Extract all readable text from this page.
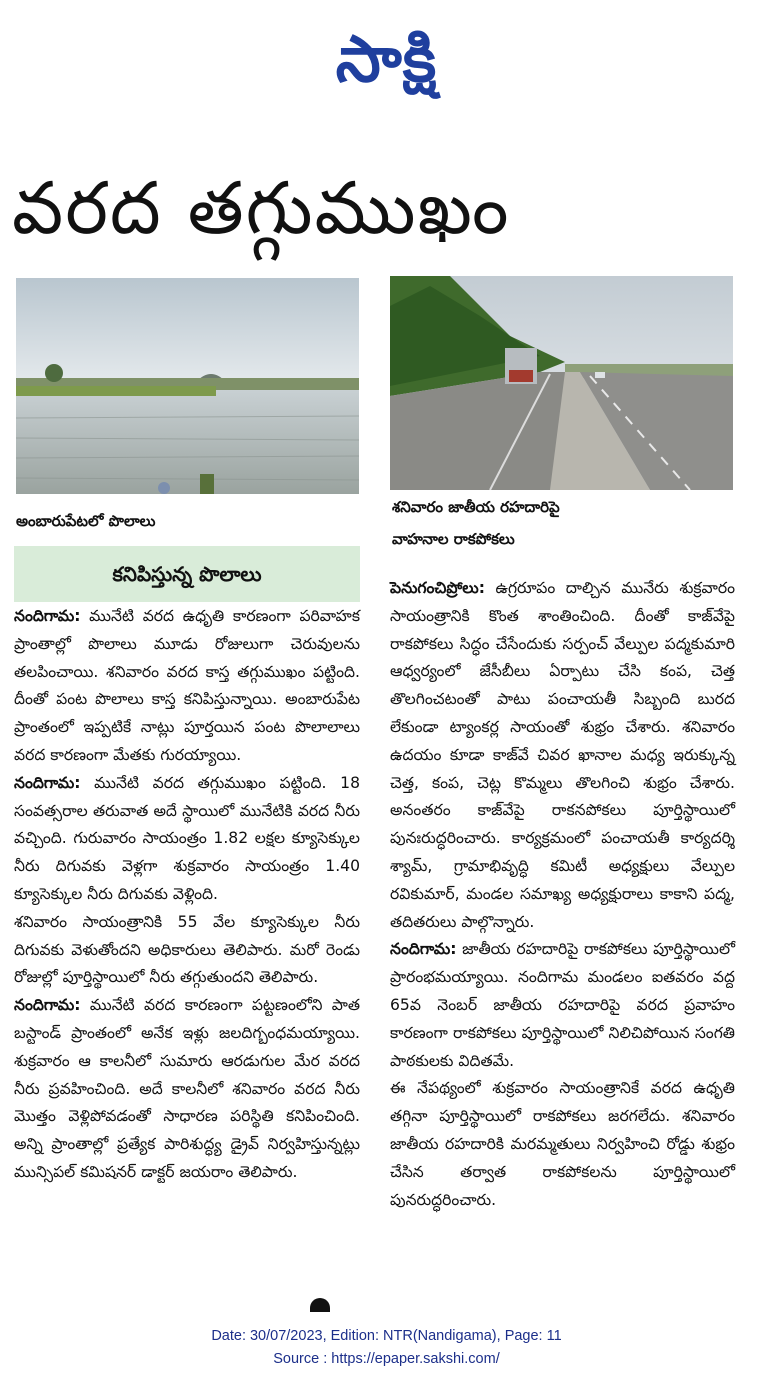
సాక్షి
వరద తగ్గుముఖం
అంబారుపేటలో పొలాలు
శనివారం జాతీయ రహదారిపై
వాహనాల రాకపోకలు
కనిపిస్తున్న పొలాలు

నందిగామ: మునేటి వరద ఉధృతి కారణంగా పరివాహక ప్రాంతాల్లో పొలాలు మూడు రోజులుగా చెరువులను తలపించాయి. శనివారం వరద కాస్త తగ్గుముఖం పట్టింది. దీంతో పంట పొలాలు కాస్త కనిపిస్తున్నాయి. అంబారుపేట ప్రాంతంలో ఇప్పటికే నాట్లు పూర్తయిన పంట పొలాలాలు వరద కారణంగా మేతకు గురయ్యాయి.

నందిగామ: మునేటి వరద తగ్గుముఖం పట్టింది. 18 సంవత్సరాల తరువాత అదే స్థాయిలో మునేటికి వరద నీరు వచ్చింది. గురువారం సాయంత్రం 1.82 లక్షల క్యూసెక్కుల నీరు దిగువకు వెళ్లగా శుక్రవారం సాయంత్రం 1.40 క్యూసెక్కుల నీరు దిగువకు వెళ్లింది.

శనివారం సాయంత్రానికి 55 వేల క్యూసెక్కుల నీరు దిగువకు వెళుతోందని అధికారులు తెలిపారు. మరో రెండు రోజుల్లో పూర్తిస్థాయిలో నీరు తగ్గుతుందని తెలిపారు.

నందిగామ: మునేటి వరద కారణంగా పట్టణంలోని పాత బస్టాండ్ ప్రాంతంలో అనేక ఇళ్లు జలదిగ్బంధమయ్యాయి. శుక్రవారం ఆ కాలనీలో సుమారు ఆరడుగుల మేర వరద నీరు ప్రవహించింది. అదే కాలనీలో శనివారం వరద నీరు మొత్తం వెళ్లిపోవడంతో సాధారణ పరిస్థితి కనిపించింది. అన్ని ప్రాంతాల్లో ప్రత్యేక పారిశుద్ధ్య డ్రైవ్ నిర్వహిస్తున్నట్లు మున్సిపల్ కమిషనర్ డాక్టర్ జయరాం తెలిపారు.

పెనుగంచిప్రోలు: ఉగ్రరూపం దాల్చిన మునేరు శుక్రవారం సాయంత్రానికి కొంత శాంతించింది. దీంతో కాజ్‌వేపై రాకపోకలు సిద్ధం చేసేందుకు సర్పంచ్ వేల్పుల పద్మకుమారి ఆధ్వర్యంలో జేసీబీలు ఏర్పాటు చేసి కంప, చెత్త తొలగించటంతో పాటు పంచాయతీ సిబ్బంది బురద లేకుండా ట్యాంకర్ల సాయంతో శుభ్రం చేశారు. శనివారం ఉదయం కూడా కాజ్‌వే చివర ఖానాల మధ్య ఇరుక్కున్న చెత్త, కంప, చెట్ల కొమ్మలు తొలగించి శుభ్రం చేశారు. అనంతరం కాజ్‌వేపై రాకనపోకలు పూర్తిస్థాయిలో పునఃరుద్ధరించారు. కార్యక్రమంలో పంచాయతీ కార్యదర్శి శ్యామ్, గ్రామాభివృద్ధి కమిటీ అధ్యక్షులు వేల్పుల రవికుమార్, మండల సమాఖ్య అధ్యక్షురాలు కాకాని పద్మ, తదితరులు పాల్గొన్నారు.

నందిగామ: జాతీయ రహదారిపై రాకపోకలు పూర్తిస్థాయిలో ప్రారంభమయ్యాయి. నందిగామ మండలం ఐతవరం వద్ద 65వ నెంబర్ జాతీయ రహదారిపై వరద ప్రవాహం కారణంగా రాకపోకలు పూర్తిస్థాయిలో నిలిచిపోయిన సంగతి పాఠకులకు విదితమే.

ఈ నేపథ్యంలో శుక్రవారం సాయంత్రానికే వరద ఉధృతి తగ్గినా పూర్తిస్థాయిలో రాకపోకలు జరగలేదు. శనివారం జాతీయ రహదారికి మరమ్మతులు నిర్వహించి రోడ్డు శుభ్రం చేసిన తర్వాత రాకపోకలను పూర్తిస్థాయిలో పునరుద్ధరించారు.

Date: 30/07/2023, Edition: NTR(Nandigama), Page: 11
Source : https://epaper.sakshi.com/
